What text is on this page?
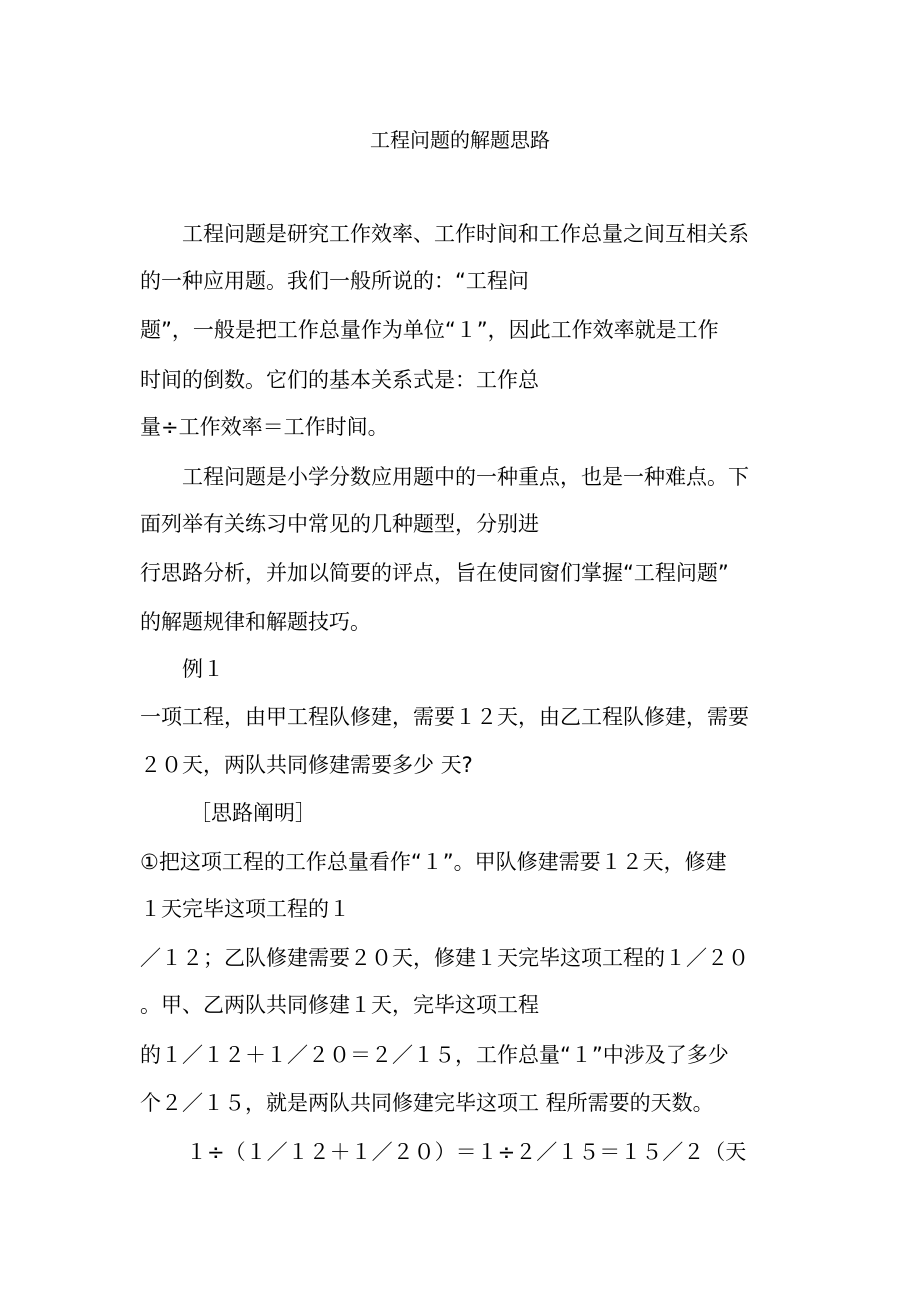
工程问题的解题思路
工程问题是研究工作效率、工作时间和工作总量之间互相关系
的一种应用题。我们一般所说的：“工程问
题”，一般是把工作总量作为单位“１”，因此工作效率就是工作
时间的倒数。它们的基本关系式是：工作总
量÷工作效率＝工作时间。
工程问题是小学分数应用题中的一种重点，也是一种难点。下
面列举有关练习中常见的几种题型，分别进
行思路分析，并加以简要的评点，旨在使同窗们掌握“工程问题”
的解题规律和解题技巧。
例１
一项工程，由甲工程队修建，需要１２天，由乙工程队修建，需要
２０天，两队共同修建需要多少 天?
［思路阐明］
①把这项工程的工作总量看作“１”。甲队修建需要１２天，修建
１天完毕这项工程的１
／１２；乙队修建需要２０天，修建１天完毕这项工程的１／２０
。甲、乙两队共同修建１天，完毕这项工程
的１／１２＋１／２０＝２／１５，工作总量“１”中涉及了多少
个２／１５，就是两队共同修建完毕这项工 程所需要的天数。
１÷（１／１２＋１／２０）＝１÷２／１５＝１５／２（天
